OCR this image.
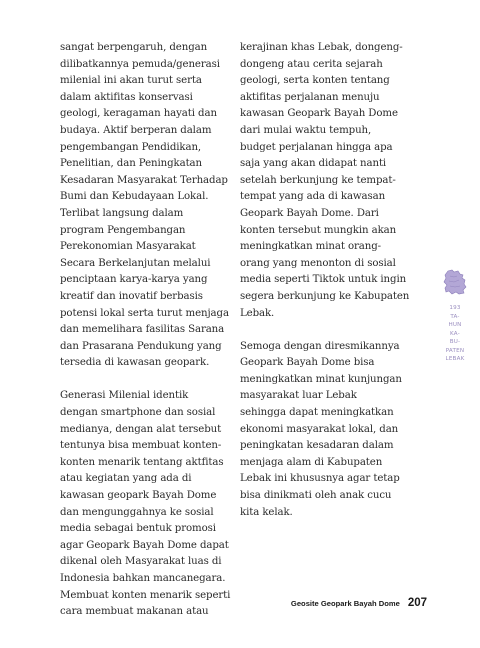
sangat berpengaruh, dengan
dilibatkannya pemuda/generasi
milenial ini akan turut serta
dalam aktifitas konservasi
geologi, keragaman hayati dan
budaya. Aktif berperan dalam
pengembangan Pendidikan,
Penelitian, dan Peningkatan
Kesadaran Masyarakat Terhadap
Bumi dan Kebudayaan Lokal.
Terlibat langsung dalam
program Pengembangan
Perekonomian Masyarakat
Secara Berkelanjutan melalui
penciptaan karya-karya yang
kreatif dan inovatif berbasis
potensi lokal serta turut menjaga
dan memelihara fasilitas Sarana
dan Prasarana Pendukung yang
tersedia di kawasan geopark.
Generasi Milenial identik
dengan smartphone dan sosial
medianya, dengan alat tersebut
tentunya bisa membuat konten-
konten menarik tentang aktfitas
atau kegiatan yang ada di
kawasan geopark Bayah Dome
dan mengunggahnya ke sosial
media sebagai bentuk promosi
agar Geopark Bayah Dome dapat
dikenal oleh Masyarakat luas di
Indonesia bahkan mancanegara.
Membuat konten menarik seperti
cara membuat makanan atau
kerajinan khas Lebak, dongeng-
dongeng atau cerita sejarah
geologi, serta konten tentang
aktifitas perjalanan menuju
kawasan Geopark Bayah Dome
dari mulai waktu tempuh,
budget perjalanan hingga apa
saja yang akan didapat nanti
setelah berkunjung ke tempat-
tempat yang ada di kawasan
Geopark Bayah Dome. Dari
konten tersebut mungkin akan
meningkatkan minat orang-
orang yang menonton di sosial
media seperti Tiktok untuk ingin
segera berkunjung ke Kabupaten
Lebak.
Semoga dengan diresmikannya
Geopark Bayah Dome bisa
meningkatkan minat kunjungan
masyarakat luar Lebak
sehingga dapat meningkatkan
ekonomi masyarakat lokal, dan
peningkatan kesadaran dalam
menjaga alam di Kabupaten
Lebak ini khususnya agar tetap
bisa dinikmati oleh anak cucu
kita kelak.
193
TA-
HUN
KA-
BU-
PATEN
LEBAK
Geosite Geopark Bayah Dome 207
